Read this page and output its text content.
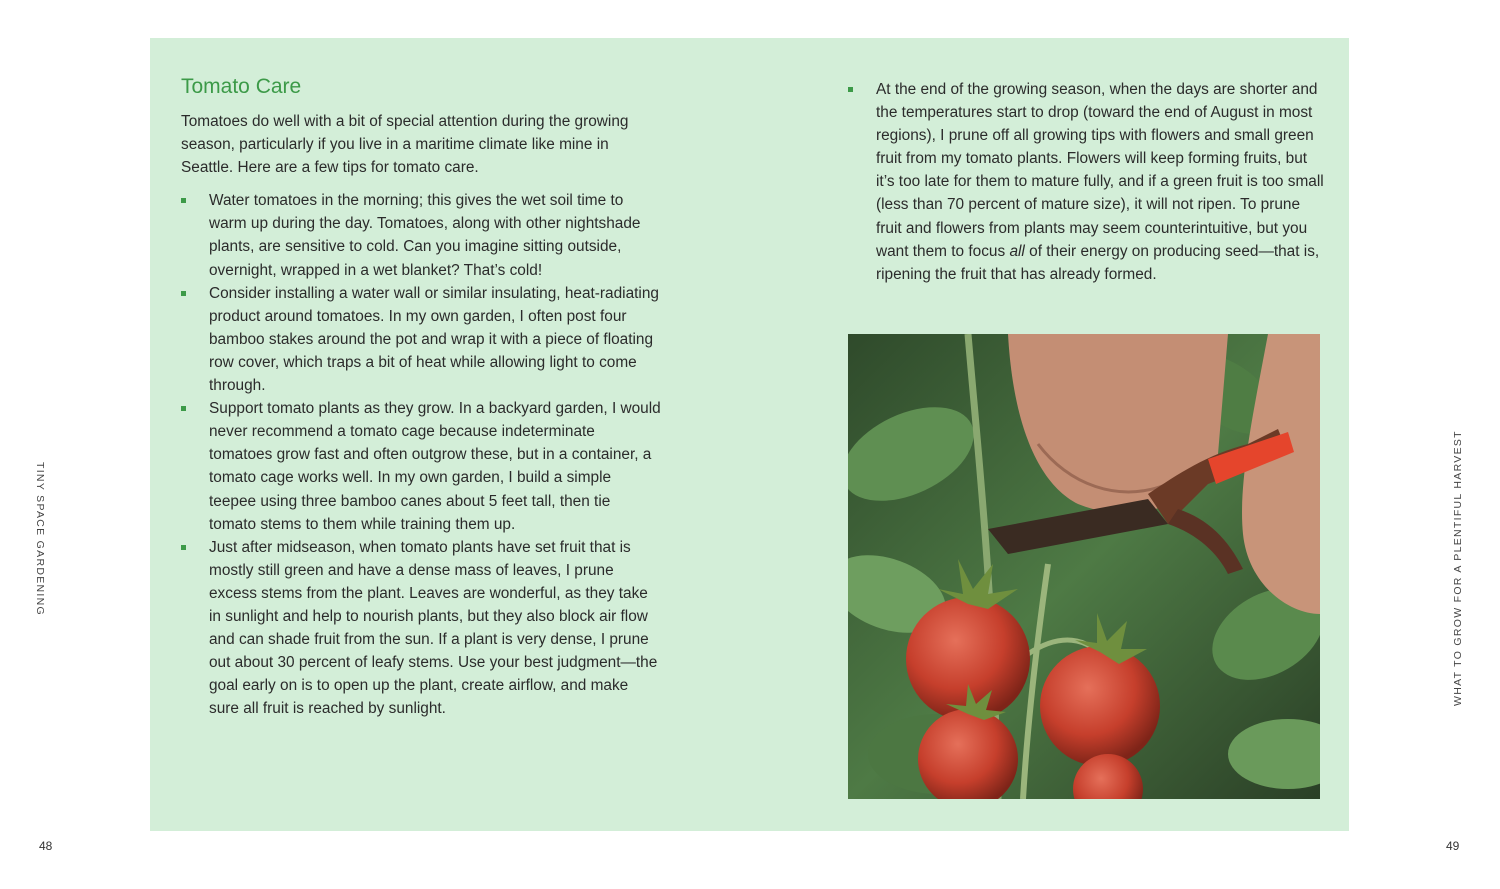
TINY SPACE GARDENING	WHAT TO GROW FOR A PLENTIFUL HARVEST
48	49
Tomato Care

Tomatoes do well with a bit of special attention during the growing season, particularly if you live in a maritime climate like mine in Seattle. Here are a few tips for tomato care.

Water tomatoes in the morning; this gives the wet soil time to warm up during the day. Tomatoes, along with other nightshade plants, are sensitive to cold. Can you imagine sitting outside, overnight, wrapped in a wet blanket? That’s cold!
Consider installing a water wall or similar insulating, heat-radiating product around tomatoes. In my own garden, I often post four bamboo stakes around the pot and wrap it with a piece of floating row cover, which traps a bit of heat while allowing light to come through.
Support tomato plants as they grow. In a backyard garden, I would never recommend a tomato cage because indeterminate tomatoes grow fast and often outgrow these, but in a container, a tomato cage works well. In my own garden, I build a simple teepee using three bamboo canes about 5 feet tall, then tie tomato stems to them while training them up.
Just after midseason, when tomato plants have set fruit that is mostly still green and have a dense mass of leaves, I prune excess stems from the plant. Leaves are wonderful, as they take in sunlight and help to nourish plants, but they also block air flow and can shade fruit from the sun. If a plant is very dense, I prune out about 30 percent of leafy stems. Use your best judgment—the goal early on is to open up the plant, create airflow, and make sure all fruit is reached by sunlight.
At the end of the growing season, when the days are shorter and the temperatures start to drop (toward the end of August in most regions), I prune off all growing tips with flowers and small green fruit from my tomato plants. Flowers will keep forming fruits, but it’s too late for them to mature fully, and if a green fruit is too small (less than 70 percent of mature size), it will not ripen. To prune fruit and flowers from plants may seem counterintuitive, but you want them to focus all of their energy on producing seed—that is, ripening the fruit that has already formed.
